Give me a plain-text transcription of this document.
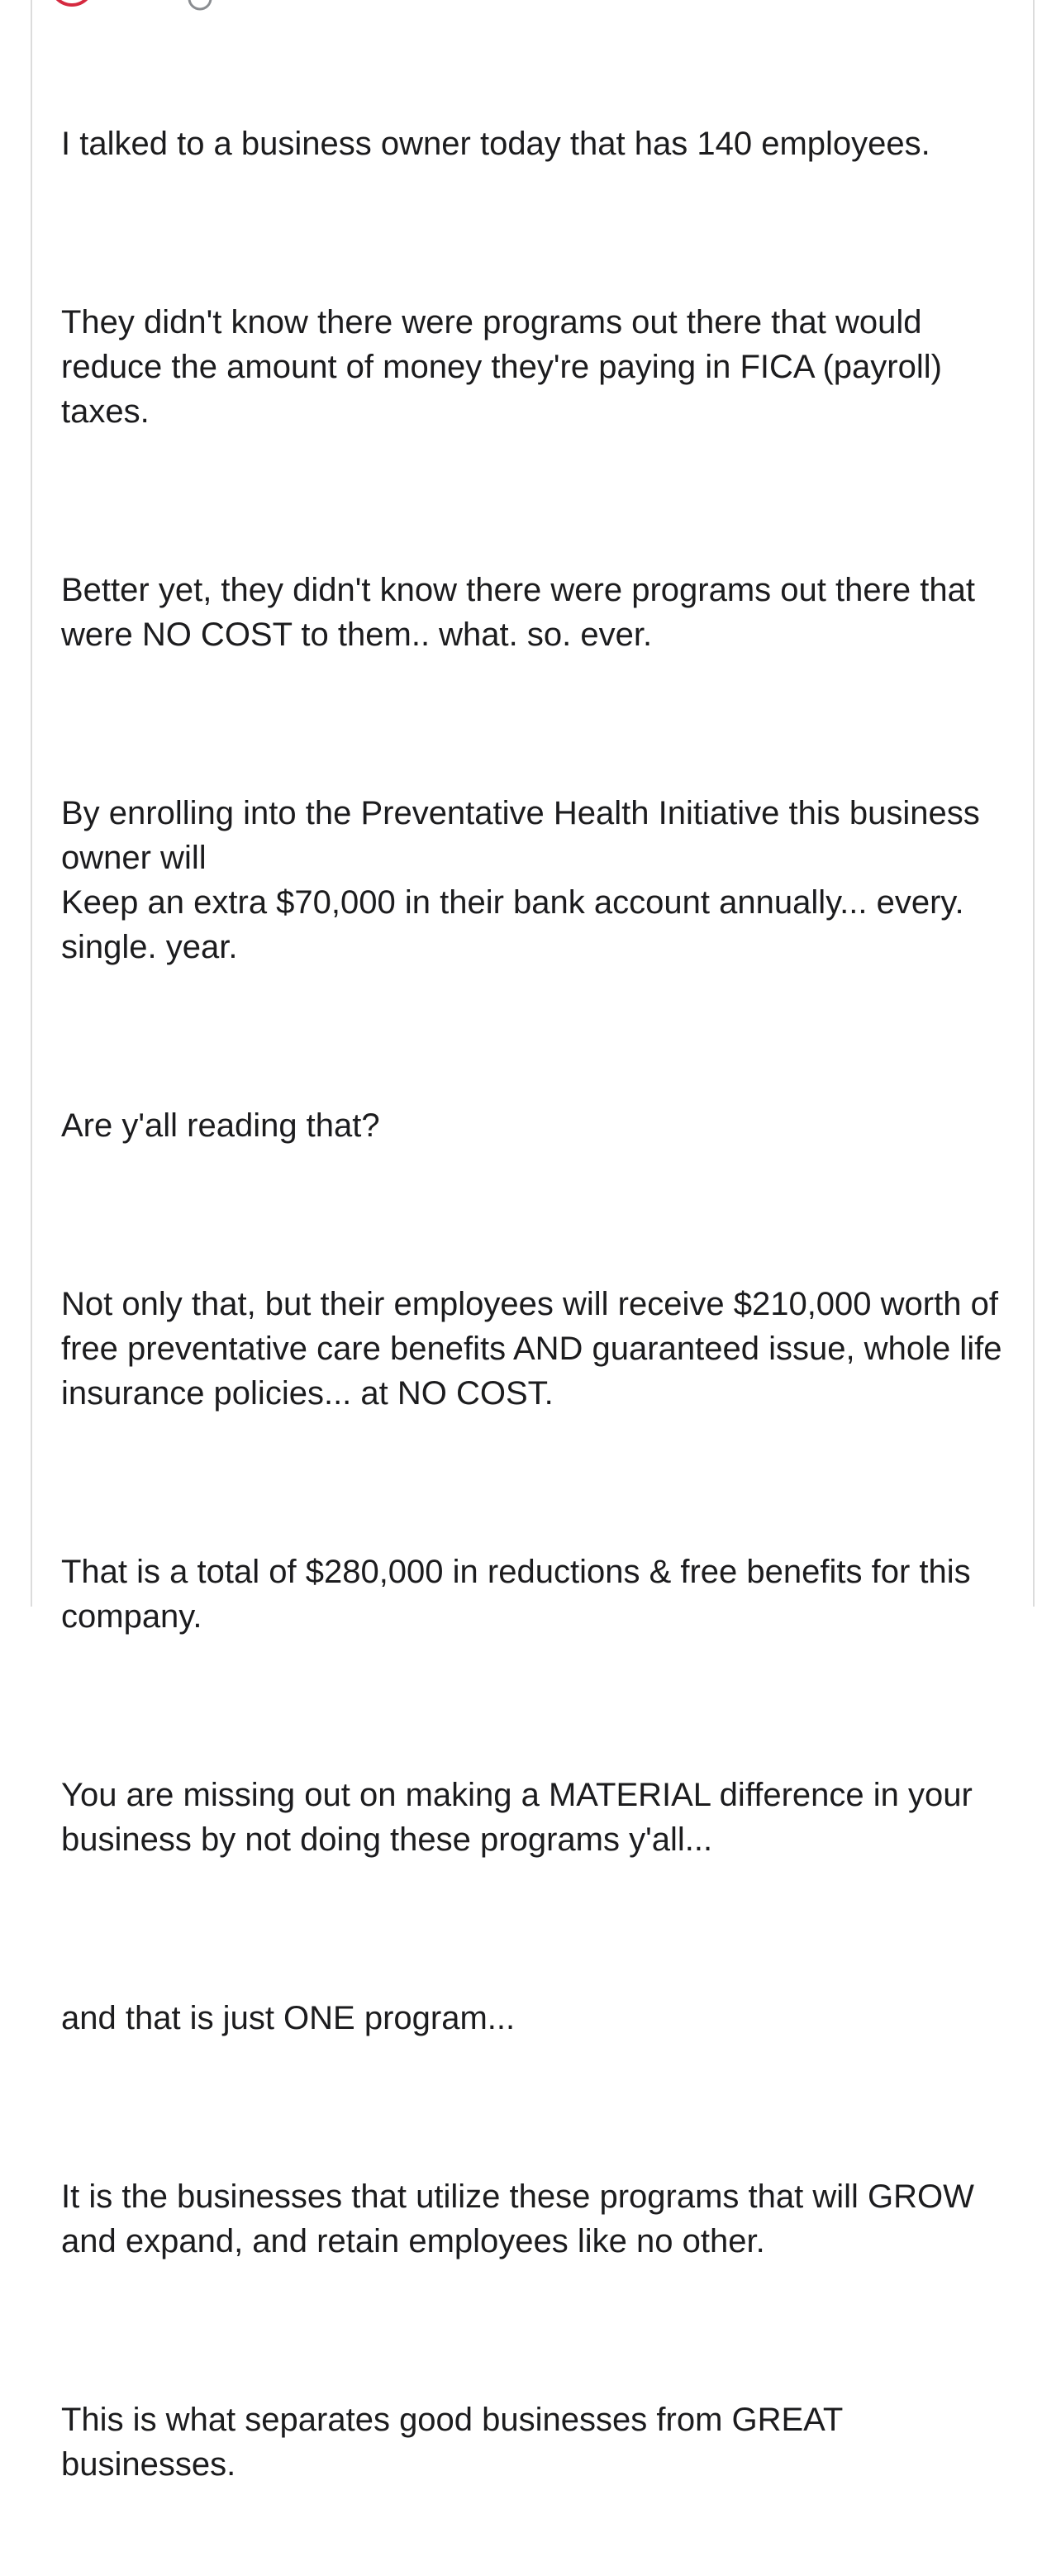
I talked to a business owner today that has 140 employees.

They didn't know there were programs out there that would reduce the amount of money they're paying in FICA (payroll) taxes.

Better yet, they didn't know there were programs out there that were NO COST to them.. what. so. ever.

By enrolling into the Preventative Health Initiative this business owner will
Keep an extra $70,000 in their bank account annually... every. single. year.

Are y'all reading that?

Not only that, but their employees will receive $210,000 worth of free preventative care benefits AND guaranteed issue, whole life insurance policies... at NO COST.

That is a total of $280,000 in reductions & free benefits for this company.

You are missing out on making a MATERIAL difference in your business by not doing these programs y'all...

and that is just ONE program...

It is the businesses that utilize these programs that will GROW and expand, and retain employees like no other.

This is what separates good businesses from GREAT businesses.
